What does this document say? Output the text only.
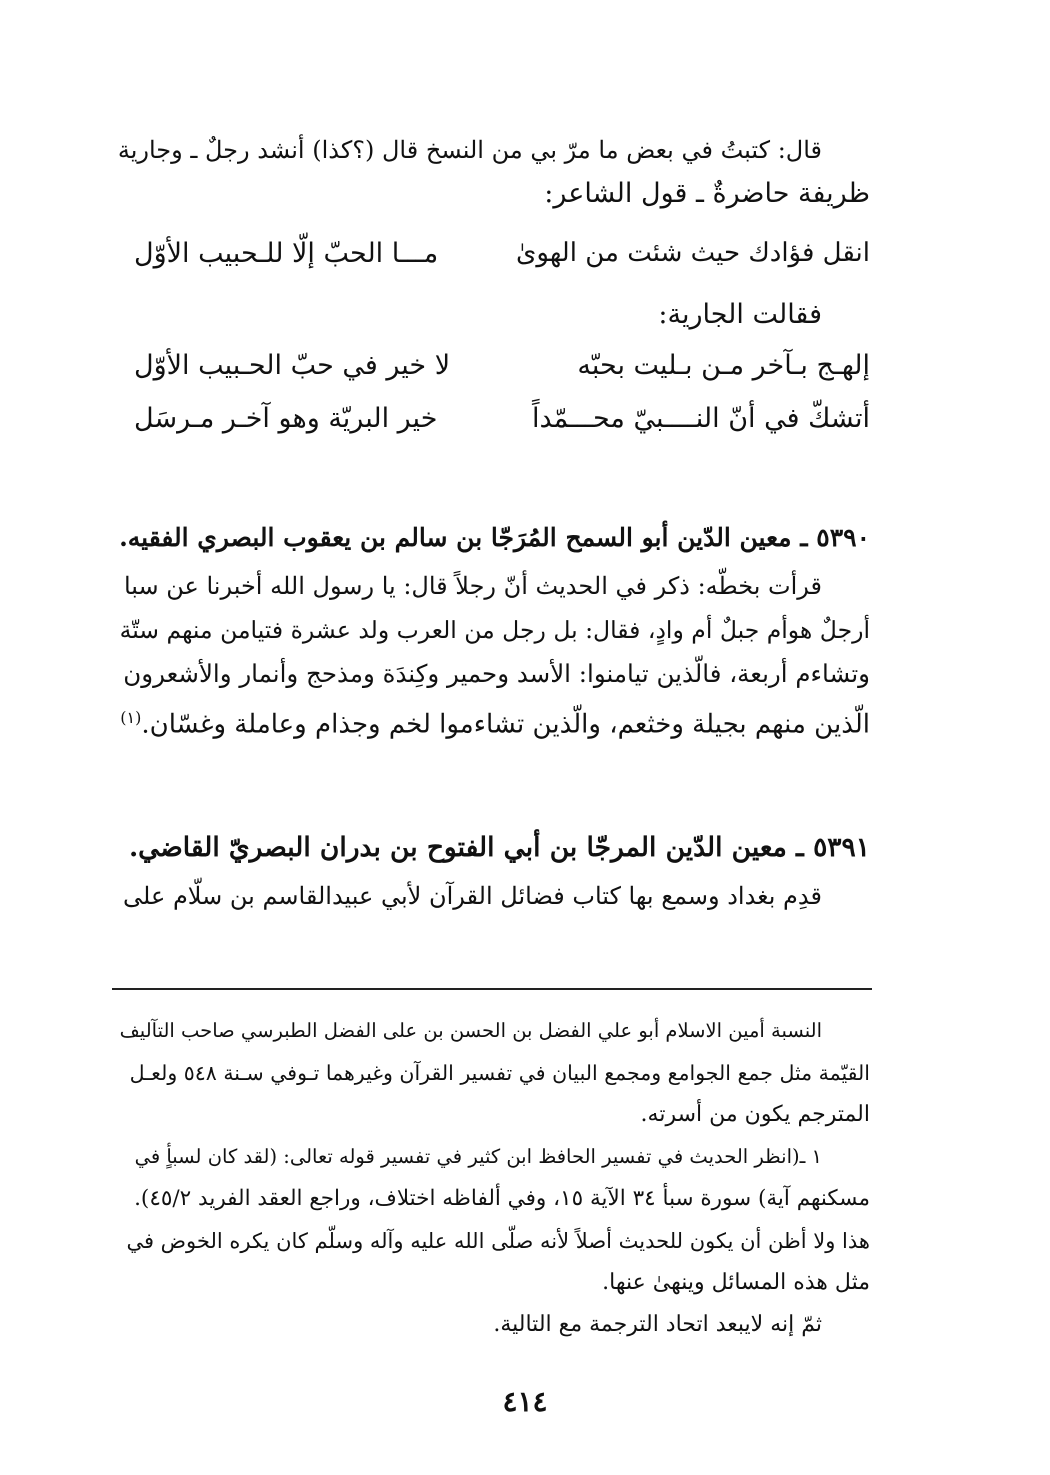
قال: كتبتُ في بعض ما مرّ بي من النسخ قال (؟كذا) أنشد رجلٌ ـ وجارية
ظريفة حاضرةٌ ـ قول الشاعر:
انقل فؤادك حيث شئت من الهوىٰ
مـــا الحبّ إلّا للـحبيب الأوّل
فقالت الجارية:
إلهـج بـآخر مـن بـليت بحبّه
لا خير في حبّ الحـبيب الأوّل
أتشكّ في أنّ النــــبيّ محـــمّداً
خير البريّة وهو آخـر مـرسَل
٥٣٩٠ ـ معين الدّين أبو السمح المُرَجّا بن سالم بن يعقوب البصري الفقيه.
قرأت بخطّه: ذكر في الحديث أنّ رجلاً قال: يا رسول الله أخبرنا عن سبا
أرجلٌ هوأم جبلٌ أم وادٍ، فقال: بل رجل من العرب ولد عشرة فتيامن منهم ستّة
وتشاءم أربعة، فالّذين تيامنوا: الأسد وحمير وكِندَة ومذحج وأنمار والأشعرون
الّذين منهم بجيلة وخثعم، والّذين تشاءموا لخم وجذام وعاملة وغسّان.$^{(١)}$
٥٣٩١ ـ معين الدّين المرجّا بن أبي الفتوح بن بدران البصريّ القاضي.
قدِم بغداد وسمع بها كتاب فضائل القرآن لأبي عبيدالقاسم بن سلّام على
النسبة أمين الاسلام أبو علي الفضل بن الحسن بن على الفضل الطبرسي صاحب التآليف
القيّمة مثل جمع الجوامع ومجمع البيان في تفسير القرآن وغيرهما تـوفي سـنة ٥٤٨ ولعـل
المترجم يكون من أسرته.
١ ـ(انظر الحديث في تفسير الحافظ ابن كثير في تفسير قوله تعالى: (لقد كان لسبأٍ في
مسكنهم آية) سورة سبأ ٣٤ الآية ١٥، وفي ألفاظه اختلاف، وراجع العقد الفريد ٤٥/٢).
هذا ولا أظن أن يكون للحديث أصلاً لأنه صلّى الله عليه وآله وسلّم كان يكره الخوض في
مثل هذه المسائل وينهىٰ عنها.
ثمّ إنه لايبعد اتحاد الترجمة مع التالية.
٤١٤
